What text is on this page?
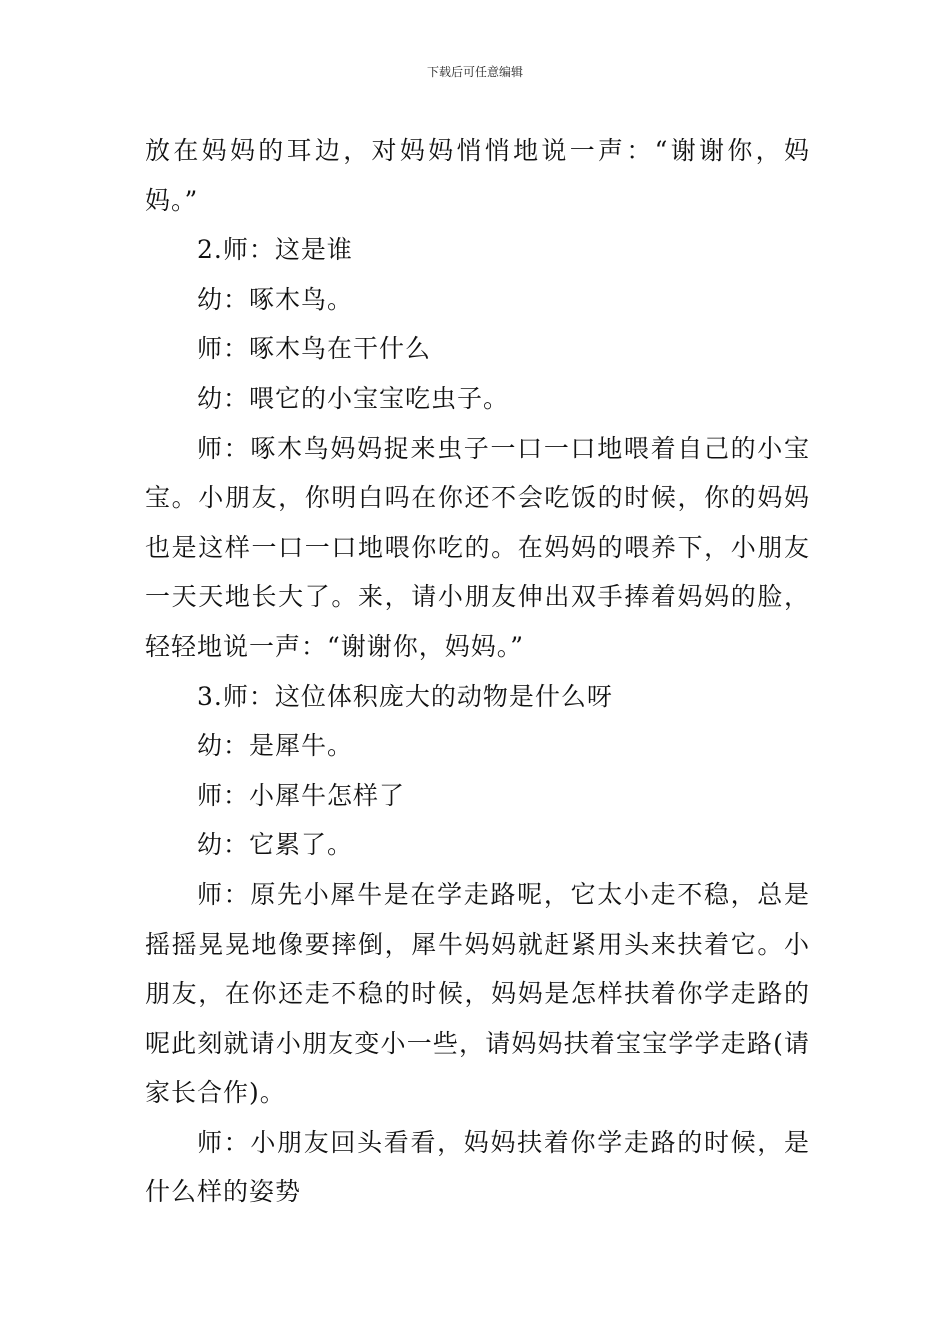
下载后可任意编辑

放在妈妈的耳边，对妈妈悄悄地说一声：“谢谢你，妈妈。”

2.师：这是谁

幼：啄木鸟。

师：啄木鸟在干什么

幼：喂它的小宝宝吃虫子。

师：啄木鸟妈妈捉来虫子一口一口地喂着自己的小宝宝。小朋友，你明白吗在你还不会吃饭的时候，你的妈妈也是这样一口一口地喂你吃的。在妈妈的喂养下，小朋友一天天地长大了。来，请小朋友伸出双手捧着妈妈的脸，轻轻地说一声：“谢谢你，妈妈。”

3.师：这位体积庞大的动物是什么呀

幼：是犀牛。

师：小犀牛怎样了

幼：它累了。

师：原先小犀牛是在学走路呢，它太小走不稳，总是摇摇晃晃地像要摔倒，犀牛妈妈就赶紧用头来扶着它。小朋友，在你还走不稳的时候，妈妈是怎样扶着你学走路的呢此刻就请小朋友变小一些，请妈妈扶着宝宝学学走路(请家长合作)。

师：小朋友回头看看，妈妈扶着你学走路的时候，是什么样的姿势
